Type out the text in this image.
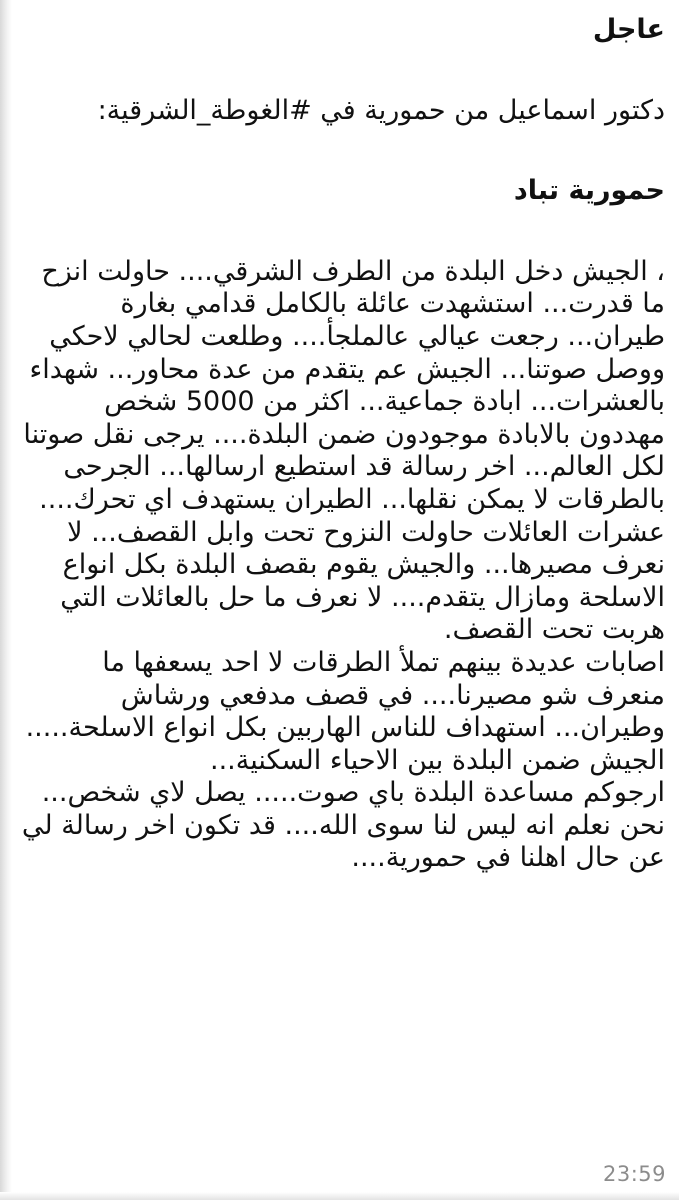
عاجل

دكتور اسماعيل من حمورية في #الغوطة_الشرقية:

حمورية تباد

، الجيش دخل البلدة من الطرف الشرقي.... حاولت انزح ما قدرت... استشهدت عائلة بالكامل قدامي بغارة طيران... رجعت عيالي عالملجأ.... وطلعت لحالي لاحكي ووصل صوتنا... الجيش عم يتقدم من عدة محاور... شهداء بالعشرات... ابادة جماعية... اكثر من 5000 شخص مهددون بالابادة موجودون ضمن البلدة.... يرجى نقل صوتنا لكل العالم... اخر رسالة قد استطيع ارسالها... الجرحى بالطرقات لا يمكن نقلها... الطيران يستهدف اي تحرك.... عشرات العائلات حاولت النزوح تحت وابل القصف... لا نعرف مصيرها... والجيش يقوم بقصف البلدة بكل انواع الاسلحة ومازال يتقدم.... لا نعرف ما حل بالعائلات التي هربت تحت القصف.
اصابات عديدة بينهم تملأ الطرقات لا احد يسعفها ما منعرف شو مصيرنا.... في قصف مدفعي ورشاش وطيران... استهداف للناس الهاربين بكل انواع الاسلحة..... الجيش ضمن البلدة بين الاحياء السكنية...
ارجوكم مساعدة البلدة باي صوت..... يصل لاي شخص... نحن نعلم انه ليس لنا سوى الله.... قد تكون اخر رسالة لي عن حال اهلنا في حمورية....

23:59
